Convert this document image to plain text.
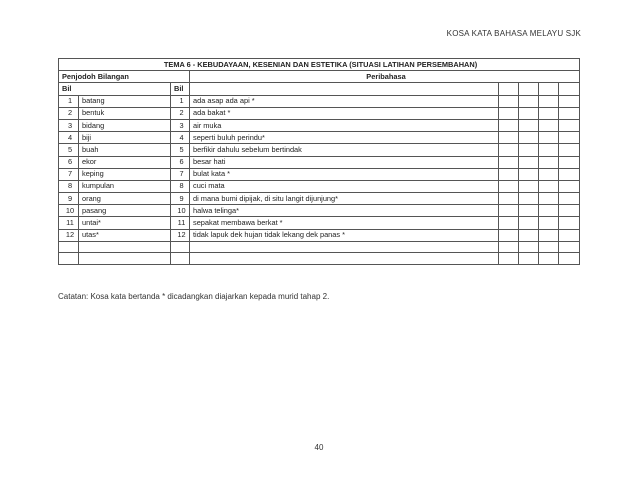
KOSA KATA BAHASA MELAYU SJK
TEMA 6 - KEBUDAYAAN, KESENIAN DAN ESTETIKA (SITUASI LATIHAN PERSEMBAHAN)							
Penjodoh Bilangan			Peribahasa				
Bil		Bil					
1	batang	1	ada asap ada api *				
2	bentuk	2	ada bakat *				
3	bidang	3	air muka				
4	biji	4	seperti buluh perindu*				
5	buah	5	berfikir dahulu sebelum bertindak				
6	ekor	6	besar hati				
7	keping	7	bulat kata *				
8	kumpulan	8	cuci mata				
9	orang	9	di mana bumi dipijak, di situ langit dijunjung*				
10	pasang	10	halwa telinga*				
11	untai*	11	sepakat membawa berkat *				
12	utas*	12	tidak lapuk dek hujan tidak lekang dek panas *				

Catatan: Kosa kata bertanda * dicadangkan diajarkan kepada murid tahap 2.
40
